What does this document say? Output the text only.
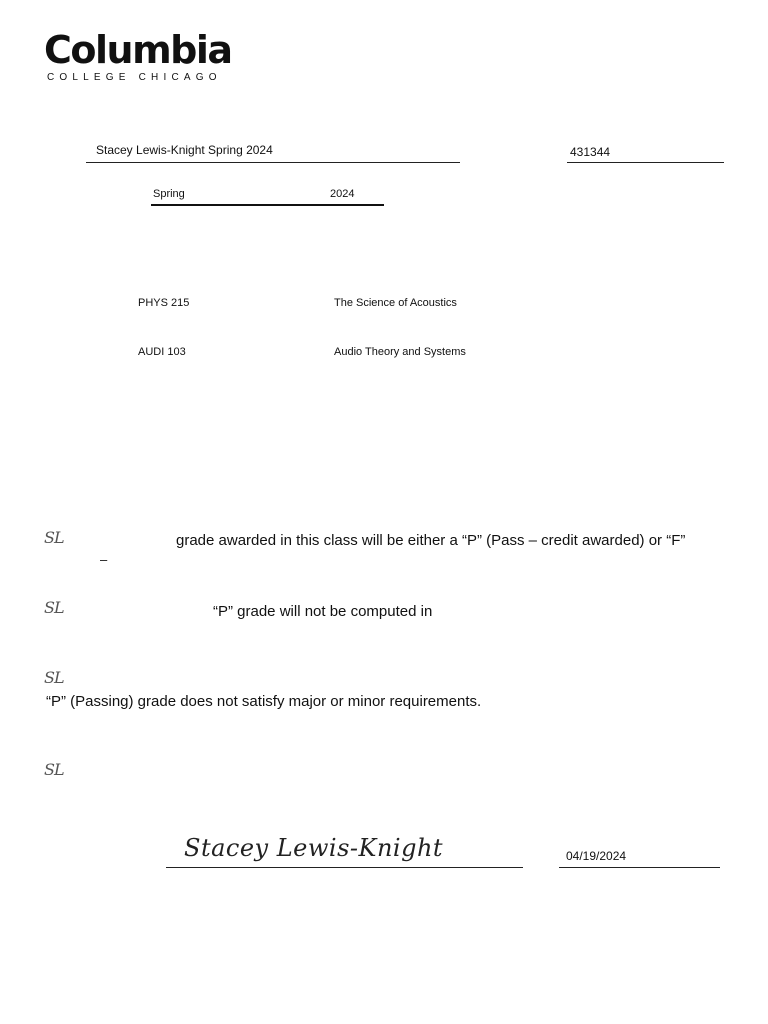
Columbia
COLLEGE CHICAGO
Stacey Lewis-Knight Spring 2024	431344
Spring	2024
PHYS 215	The Science of Acoustics
AUDI 103	Audio Theory and Systems
SL	grade awarded in this class will be either a “P” (Pass – credit awarded) or “F”
–
SL	“P” grade will not be computed in
SL
“P” (Passing) grade does not satisfy major or minor requirements.
SL
Stacey Lewis-Knight	04/19/2024
